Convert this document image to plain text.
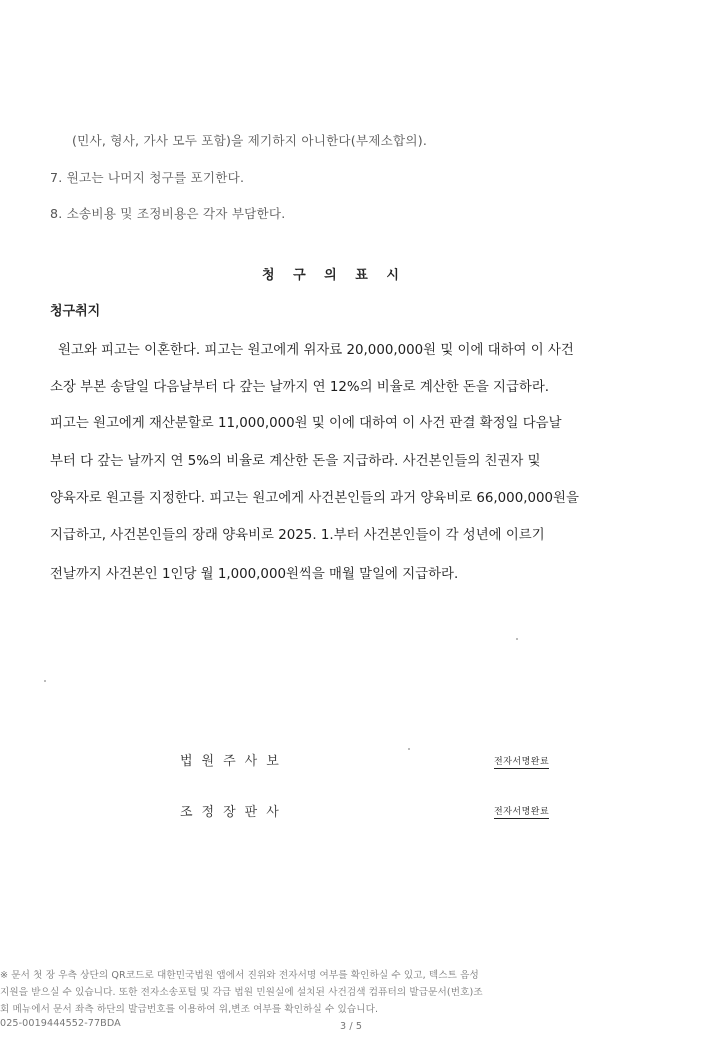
(민사, 형사, 가사 모두 포함)을 제기하지 아니한다(부제소합의).
7. 원고는 나머지 청구를 포기한다.
8. 소송비용 및 조정비용은 각자 부담한다.
청 구 의 표 시
청구취지
원고와 피고는 이혼한다. 피고는 원고에게 위자료 20,000,000원 및 이에 대하여 이 사건
소장 부본 송달일 다음날부터 다 갚는 날까지 연 12%의 비율로 계산한 돈을 지급하라.
피고는 원고에게 재산분할로 11,000,000원 및 이에 대하여 이 사건 판결 확정일 다음날
부터 다 갚는 날까지 연 5%의 비율로 계산한 돈을 지급하라. 사건본인들의 친권자 및
양육자로 원고를 지정한다. 피고는 원고에게 사건본인들의 과거 양육비로 66,000,000원을
지급하고, 사건본인들의 장래 양육비로 2025. 1.부터 사건본인들이 각 성년에 이르기
전날까지 사건본인 1인당 월 1,000,000원씩을 매월 말일에 지급하라.
법원주사보	전자서명완료
조정장판사	전자서명완료
※ 문서 첫 장 우측 상단의 QR코드로 대한민국법원 앱에서 진위와 전자서명 여부를 확인하실 수 있고, 텍스트 음성
지원을 받으실 수 있습니다. 또한 전자소송포털 및 각급 법원 민원실에 설치된 사건검색 컴퓨터의 발급문서(번호)조
회 메뉴에서 문서 좌측 하단의 발급번호를 이용하여 위,변조 여부를 확인하실 수 있습니다.
025-0019444552-77BDA	3 / 5
